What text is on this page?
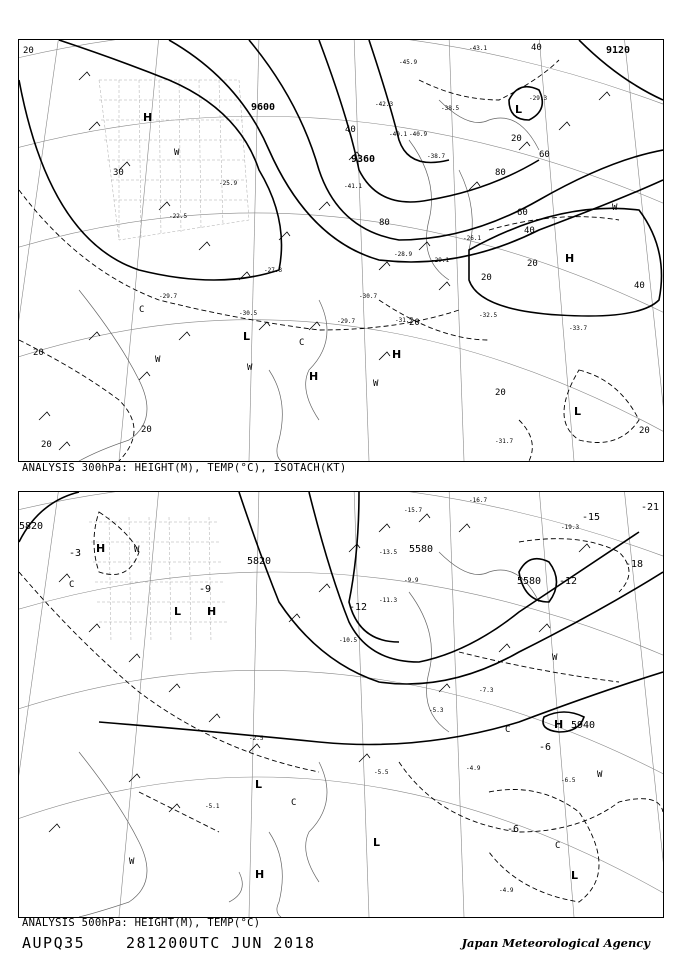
9600
9360
9120
20
20
20
20
20
20
20
20
20
20
40
40
40
40
60
60
80
80
30
-38.5
-43.1
-29.3
-40.1
-41.1
-30.7
-31.7
-29.7
-33.7
-32.5
-28.9
-29.1
-27.3
-25.9
-22.5
-31.7
-30.5
-29.7
-38.7
-26.1
-40.9
-45.9
-42.3
H
H
H
H
L
L
L
W
W
W
W
W
C
C
ANALYSIS 300hPa: HEIGHT(M), TEMP(°C), ISOTACH(KT)
5820
5580
5580
5940
5820
-21
-18
-15
-12
-12
-9
-6
-6
-3
-15.7
-16.7
-13.5
-11.3
-9.9
-7.3
-5.5
-4.9
-6.5
-19.3
-2.5
-5.1
-4.9
-5.3
-10.5
H
H
H
H
L
L
L
L
W
W
W
W
C
C
C
C
ANALYSIS 500hPa: HEIGHT(M), TEMP(°C)
AUPQ35	281200UTC JUN 2018	Japan Meteorological Agency
